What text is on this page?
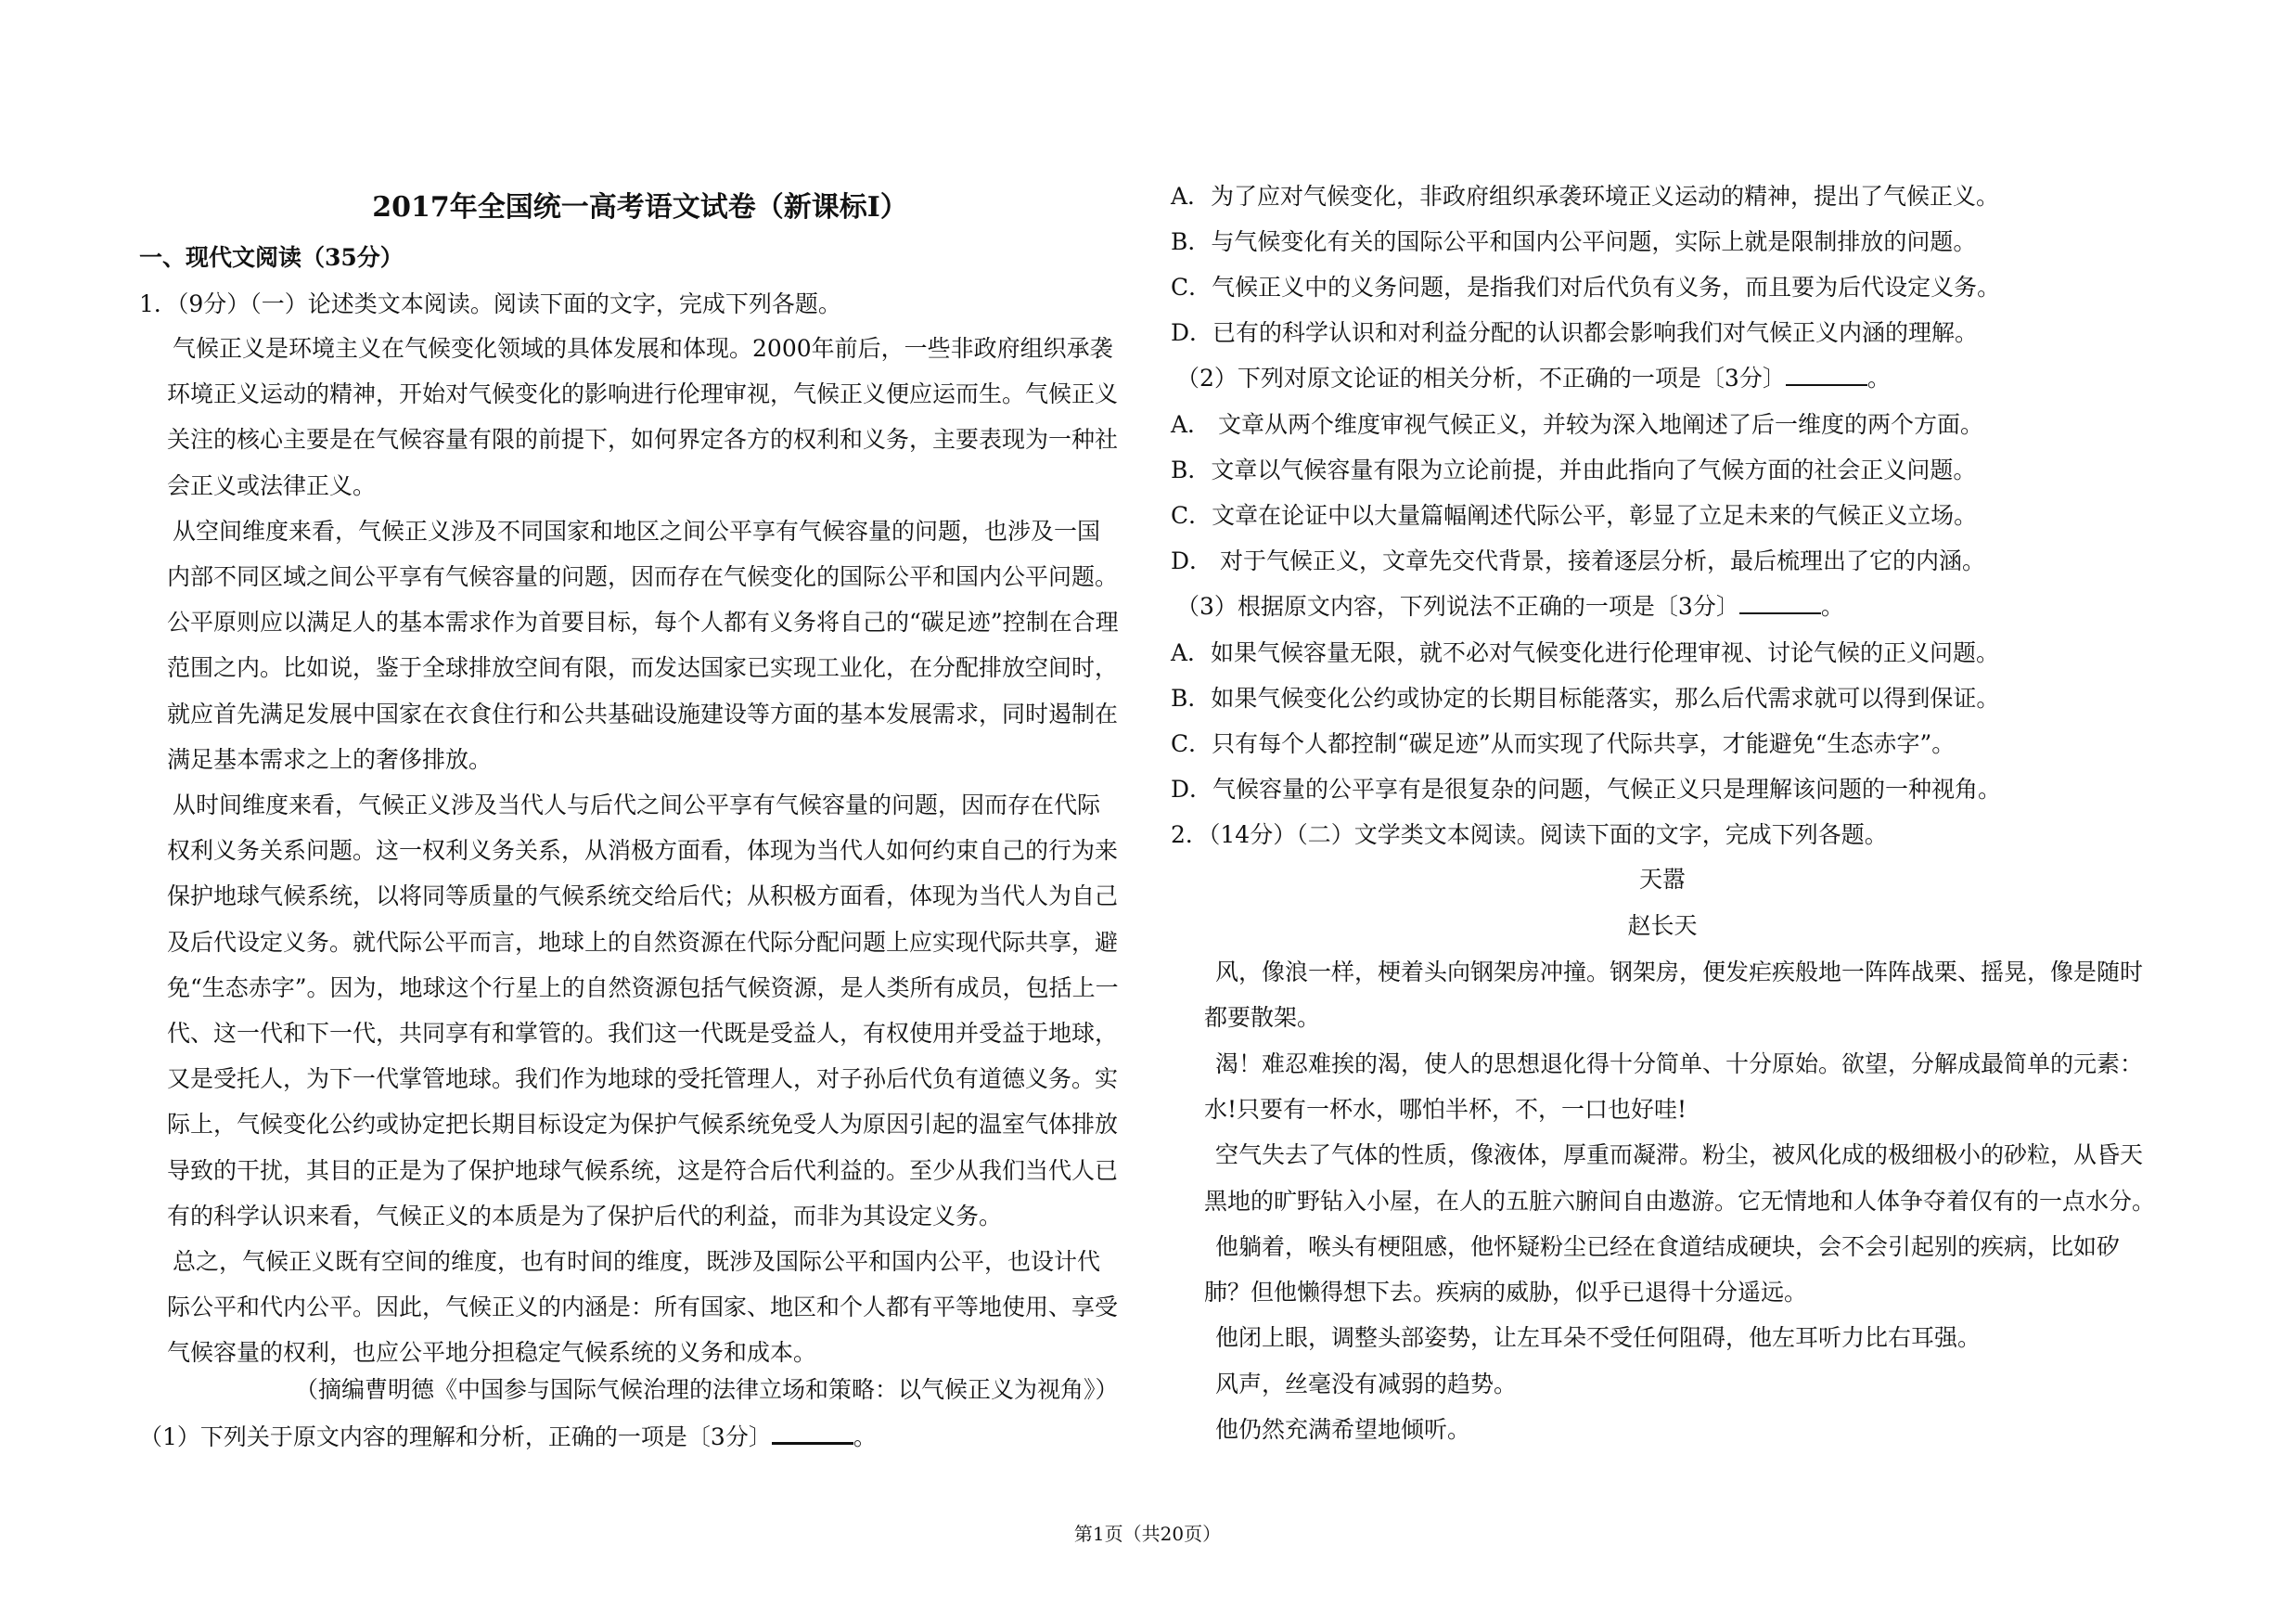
2017年全国统一高考语文试卷（新课标Ⅰ）
一、现代文阅读（35分）
1．（9分）（一）论述类文本阅读。阅读下面的文字，完成下列各题。
气候正义是环境主义在气候变化领域的具体发展和体现。2000年前后，一些非政府组织承袭
环境正义运动的精神，开始对气候变化的影响进行伦理审视，气候正义便应运而生。气候正义
关注的核心主要是在气候容量有限的前提下，如何界定各方的权利和义务，主要表现为一种社
会正义或法律正义。
从空间维度来看，气候正义涉及不同国家和地区之间公平享有气候容量的问题，也涉及一国
内部不同区域之间公平享有气候容量的问题，因而存在气候变化的国际公平和国内公平问题。
公平原则应以满足人的基本需求作为首要目标，每个人都有义务将自己的“碳足迹”控制在合理
范围之内。比如说，鉴于全球排放空间有限，而发达国家已实现工业化，在分配排放空间时，
就应首先满足发展中国家在衣食住行和公共基础设施建设等方面的基本发展需求，同时遏制在
满足基本需求之上的奢侈排放。
从时间维度来看，气候正义涉及当代人与后代之间公平享有气候容量的问题，因而存在代际
权利义务关系问题。这一权利义务关系，从消极方面看，体现为当代人如何约束自己的行为来
保护地球气候系统，以将同等质量的气候系统交给后代；从积极方面看，体现为当代人为自己
及后代设定义务。就代际公平而言，地球上的自然资源在代际分配问题上应实现代际共享，避
免“生态赤字”。因为，地球这个行星上的自然资源包括气候资源，是人类所有成员，包括上一
代、这一代和下一代，共同享有和掌管的。我们这一代既是受益人，有权使用并受益于地球，
又是受托人，为下一代掌管地球。我们作为地球的受托管理人，对子孙后代负有道德义务。实
际上，气候变化公约或协定把长期目标设定为保护气候系统免受人为原因引起的温室气体排放
导致的干扰，其目的正是为了保护地球气候系统，这是符合后代利益的。至少从我们当代人已
有的科学认识来看，气候正义的本质是为了保护后代的利益，而非为其设定义务。
总之，气候正义既有空间的维度，也有时间的维度，既涉及国际公平和国内公平，也设计代
际公平和代内公平。因此，气候正义的内涵是：所有国家、地区和个人都有平等地使用、享受
气候容量的权利，也应公平地分担稳定气候系统的义务和成本。
（摘编曹明德《中国参与国际气候治理的法律立场和策略：以气候正义为视角》）
（1）下列关于原文内容的理解和分析，正确的一项是〔3分〕	。
A．为了应对气候变化，非政府组织承袭环境正义运动的精神，提出了气候正义。
B．与气候变化有关的国际公平和国内公平问题，实际上就是限制排放的问题。
C．气候正义中的义务问题，是指我们对后代负有义务，而且要为后代设定义务。
D．已有的科学认识和对利益分配的认识都会影响我们对气候正义内涵的理解。
（2）下列对原文论证的相关分析，不正确的一项是〔3分〕	。
A． 文章从两个维度审视气候正义，并较为深入地阐述了后一维度的两个方面。
B．文章以气候容量有限为立论前提，并由此指向了气候方面的社会正义问题。
C．文章在论证中以大量篇幅阐述代际公平，彰显了立足未来的气候正义立场。
D． 对于气候正义，文章先交代背景，接着逐层分析，最后梳理出了它的内涵。
（3）根据原文内容，下列说法不正确的一项是〔3分〕	。
A．如果气候容量无限，就不必对气候变化进行伦理审视、讨论气候的正义问题。
B．如果气候变化公约或协定的长期目标能落实，那么后代需求就可以得到保证。
C．只有每个人都控制“碳足迹”从而实现了代际共享，才能避免“生态赤字”。
D．气候容量的公平享有是很复杂的问题，气候正义只是理解该问题的一种视角。
2．（14分）（二）文学类文本阅读。阅读下面的文字，完成下列各题。
天嚣
赵长天
风，像浪一样，梗着头向钢架房冲撞。钢架房，便发疟疾般地一阵阵战栗、摇晃，像是随时
都要散架。
渴！难忍难挨的渴，使人的思想退化得十分简单、十分原始。欲望，分解成最简单的元素：
水!只要有一杯水，哪怕半杯，不，一口也好哇!
空气失去了气体的性质，像液体，厚重而凝滞。粉尘，被风化成的极细极小的砂粒，从昏天
黑地的旷野钻入小屋，在人的五脏六腑间自由遨游。它无情地和人体争夺着仅有的一点水分。
他躺着，喉头有梗阻感，他怀疑粉尘已经在食道结成硬块，会不会引起别的疾病，比如矽
肺？但他懒得想下去。疾病的威胁，似乎已退得十分遥远。
他闭上眼，调整头部姿势，让左耳朵不受任何阻碍，他左耳听力比右耳强。
风声，丝毫没有减弱的趋势。
他仍然充满希望地倾听。
第1页（共20页）
